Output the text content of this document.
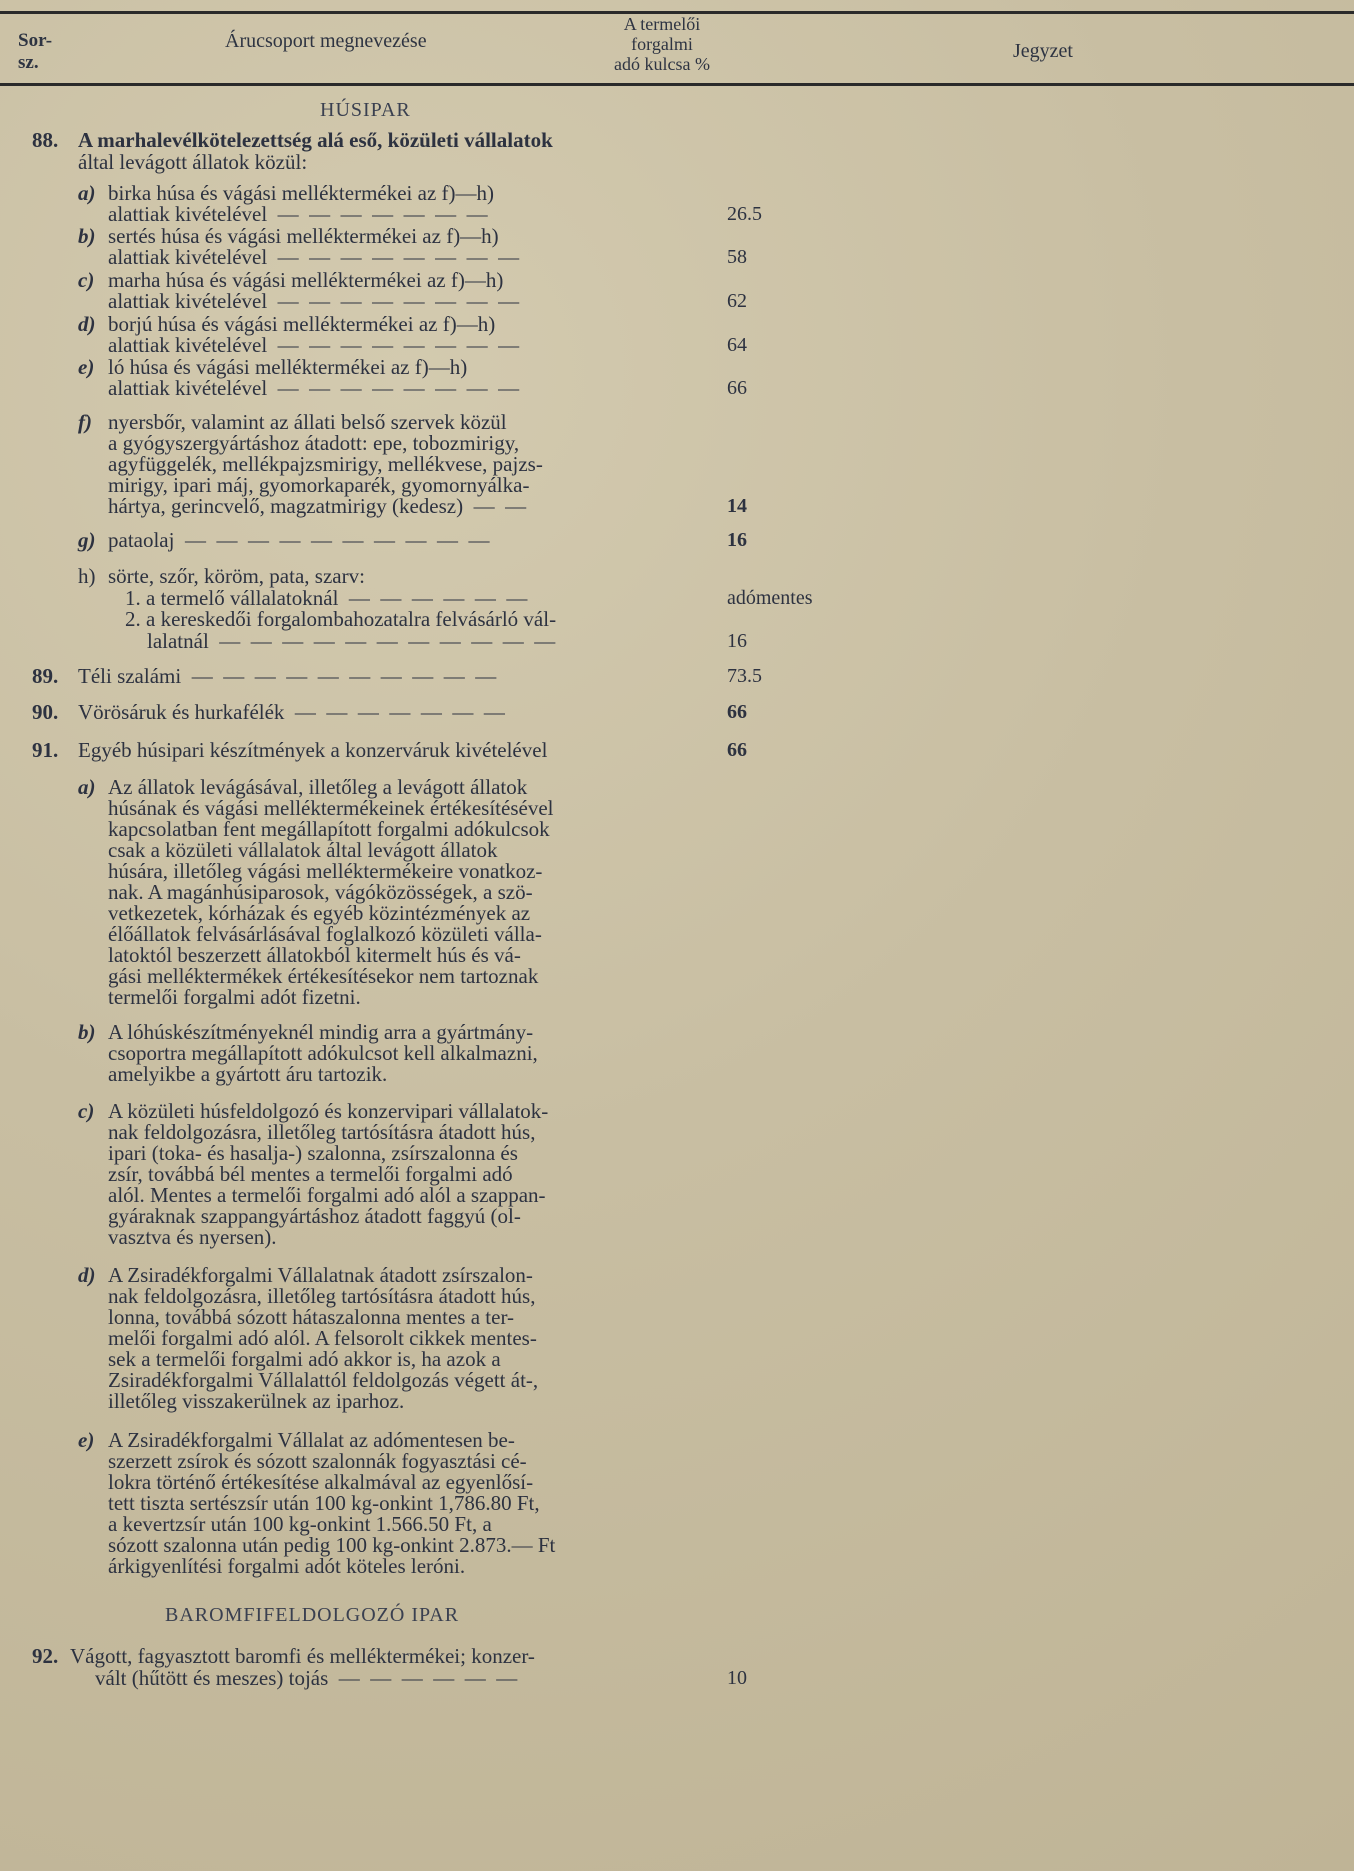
Sor-
sz.
Árucsoport megnevezése
A termelői
forgalmi
adó kulcsa %
Jegyzet
HÚSIPAR
88. A marhalevélkötelezettség alá eső, közületi vállalatok
által levágott állatok közül:
a) birka húsa és vágási melléktermékei az f)—h)
alattiak kivételével  —  —  —  —  —  —  —	26.5
b) sertés húsa és vágási melléktermékei az f)—h)
alattiak kivételével  —  —  —  —  —  —  —  —	58
c) marha húsa és vágási melléktermékei az f)—h)
alattiak kivételével  —  —  —  —  —  —  —  —	62
d) borjú húsa és vágási melléktermékei az f)—h)
alattiak kivételével  —  —  —  —  —  —  —  —	64
e) ló húsa és vágási melléktermékei az f)—h)
alattiak kivételével  —  —  —  —  —  —  —  —	66
f) nyersbőr, valamint az állati belső szervek közül
a gyógyszergyártáshoz átadott: epe, tobozmirigy,
agyfüggelék, mellékpajzsmirigy, mellékvese, pajzs-
mirigy, ipari máj, gyomorkaparék, gyomornyálka-
hártya, gerincvelő, magzatmirigy (kedesz)  —  —	14
g) pataolaj  —  —  —  —  —  —  —  —  —  —	16
h) sörte, szőr, köröm, pata, szarv:
1. a termelő vállalatoknál  —  —  —  —  —  —	adómentes
2. a kereskedői forgalombahozatalra felvásárló vál-
lalatnál  —  —  —  —  —  —  —  —  —  —  —	16
89. Téli szalámi  —  —  —  —  —  —  —  —  —  —	73.5
90. Vörösáruk és hurkafélék  —  —  —  —  —  —  —	66
91. Egyéb húsipari készítmények a konzerváruk kivételével	66
a) Az állatok levágásával, illetőleg a levágott állatok
húsának és vágási melléktermékeinek értékesítésével
kapcsolatban fent megállapított forgalmi adókulcsok
csak a közületi vállalatok által levágott állatok
húsára, illetőleg vágási melléktermékeire vonatkoz-
nak. A magánhúsiparosok, vágóközösségek, a szö-
vetkezetek, kórházak és egyéb közintézmények az
élőállatok felvásárlásával foglalkozó közületi válla-
latoktól beszerzett állatokból kitermelt hús és vá-
gási melléktermékek értékesítésekor nem tartoznak
termelői forgalmi adót fizetni.
b) A lóhúskészítményeknél mindig arra a gyártmány-
csoportra megállapított adókulcsot kell alkalmazni,
amelyikbe a gyártott áru tartozik.
c) A közületi húsfeldolgozó és konzervipari vállalatok-
nak feldolgozásra, illetőleg tartósításra átadott hús,
ipari (toka- és hasalja-) szalonna, zsírszalonna és
zsír, továbbá bél mentes a termelői forgalmi adó
alól. Mentes a termelői forgalmi adó alól a szappan-
gyáraknak szappangyártáshoz átadott faggyú (ol-
vasztva és nyersen).
d) A Zsiradékforgalmi Vállalatnak átadott zsírszalon-
nak feldolgozásra, illetőleg tartósításra átadott hús,
lonna, továbbá sózott hátaszalonna mentes a ter-
melői forgalmi adó alól. A felsorolt cikkek mentes-
sek a termelői forgalmi adó akkor is, ha azok a
Zsiradékforgalmi Vállalattól feldolgozás végett át-,
illetőleg visszakerülnek az iparhoz.
e) A Zsiradékforgalmi Vállalat az adómentesen be-
szerzett zsírok és sózott szalonnák fogyasztási cé-
lokra történő értékesítése alkalmával az egyenlősí-
tett tiszta sertészsír után 100 kg-onkint 1,786.80 Ft,
a kevertzsír után 100 kg-onkint 1.566.50 Ft, a
sózott szalonna után pedig 100 kg-onkint 2.873.— Ft
árkigyenlítési forgalmi adót köteles leróni.
BAROMFIFELDOLGOZÓ IPAR
92. Vágott, fagyasztott baromfi és melléktermékei; konzer-
vált (hűtött és meszes) tojás  —  —  —  —  —  —	10
